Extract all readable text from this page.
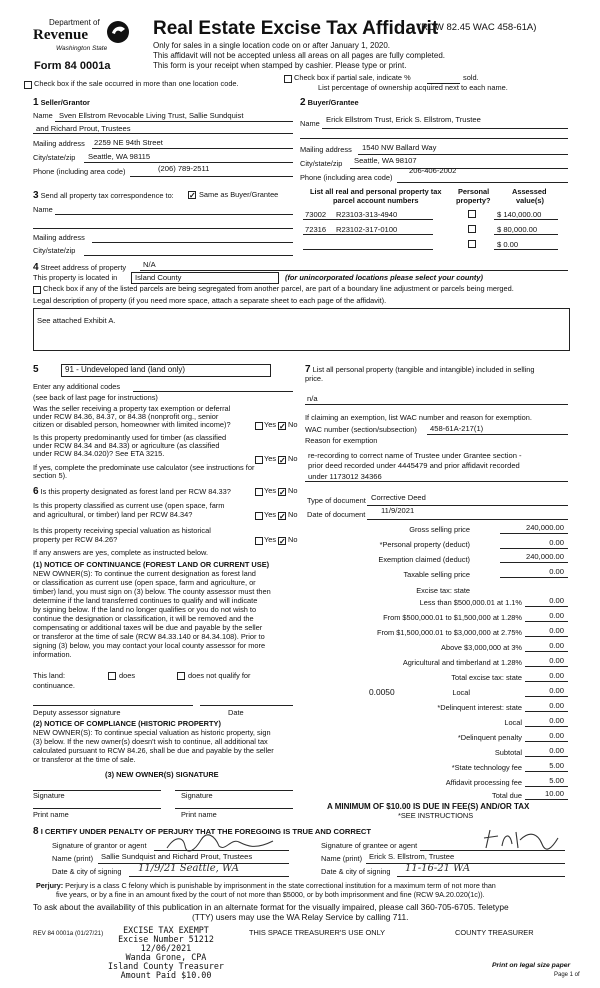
Department of
Revenue
Washington State
Form 84 0001a
Real Estate Excise Tax Affidavit
(RCW 82.45 WAC 458-61A)
Only for sales in a single location code on or after January 1, 2020.
This affidavit will not be accepted unless all areas on all pages are fully completed.
This form is your receipt when stamped by cashier. Please type or print.
Check box if the sale occurred in more than one location code.
Check box if partial sale, indicate %	sold.
List percentage of ownership acquired next to each name.
1 Seller/Grantor
Name Sven Ellstrom Revocable Living Trust, Sallie Sundquist
and Richard Prout, Trustees
Mailing address 2259 NE 94th Street
City/state/zip Seattle, WA 98115
Phone (including area code)	(206) 789-2511
2 Buyer/Grantee
Name Erick Ellstrom Trust, Erick S. Ellstrom, Trustee
Mailing address 1540 NW Ballard Way
City/state/zip Seattle, WA 98107
Phone (including area code)
206-406-2002
3 Send all property tax correspondence to: ✓ Same as Buyer/Grantee
Name
Mailing address
City/state/zip
List all real and personal property tax
parcel account numbers
Personal
property?
Assessed
value(s)
73002 R23103-313-4940	$ 140,000.00
72316 R23102-317-0100	$ 80,000.00
$ 0.00
4 Street address of property N/A
This property is located in Island County	(for unincorporated locations please select your county)
Check box if any of the listed parcels are being segregated from another parcel, are part of a boundary line adjustment or parcels being merged.
Legal description of property (if you need more space, attach a separate sheet to each page of the affidavit).
See attached Exhibit A.
5	91 - Undeveloped land (land only)
Enter any additional codes
(see back of last page for instructions)
Was the seller receiving a property tax exemption or deferral
under RCW 84.36, 84.37, or 84.38 (nonprofit org., senior
citizen or disabled person, homeowner with limited income)?	Yes ✓ No
Is this property predominantly used for timber (as classified
under RCW 84.34 and 84.33) or agriculture (as classified
under RCW 84.34.020)? See ETA 3215.
Yes ✓ No
If yes, complete the predominate use calculator (see instructions for
section 5).
6 Is this property designated as forest land per RCW 84.33?	Yes ✓ No
Is this property classified as current use (open space, farm
and agricultural, or timber) land per RCW 84.34?	Yes ✓ No
Is this property receiving special valuation as historical
property per RCW 84.26?	Yes ✓ No
If any answers are yes, complete as instructed below.
(1) NOTICE OF CONTINUANCE (FOREST LAND OR CURRENT USE)
NEW OWNER(S): To continue the current designation as forest land
or classification as current use (open space, farm and agriculture, or
timber) land, you must sign on (3) below. The county assessor must then
determine if the land transferred continues to qualify and will indicate
by signing below. If the land no longer qualifies or you do not wish to
continue the designation or classification, it will be removed and the
compensating or additional taxes will be due and payable by the seller
or transferor at the time of sale (RCW 84.33.140 or 84.34.108). Prior to
signing (3) below, you may contact your local county assessor for more
information.
This land:	does	does not qualify for
continuance.
Deputy assessor signature	Date
(2) NOTICE OF COMPLIANCE (HISTORIC PROPERTY)
NEW OWNER(S): To continue special valuation as historic property, sign
(3) below. If the new owner(s) doesn't wish to continue, all additional tax
calculated pursuant to RCW 84.26, shall be due and payable by the seller
or transferor at the time of sale.
(3) NEW OWNER(S) SIGNATURE
Signature	Signature
Print name	Print name
7 List all personal property (tangible and intangible) included in selling
price.
n/a
If claiming an exemption, list WAC number and reason for exemption.
WAC number (section/subsection) 458-61A-217(1)
Reason for exemption
re-recording to correct name of Trustee under Grantee section -
prior deed recorded under 4445479 and prior affidavit recorded
under 1173012 34366
Type of document Corrective Deed
Date of document 11/9/2021
Gross selling price	240,000.00
*Personal property (deduct)	0.00
Exemption claimed (deduct)	240,000.00
Taxable selling price	0.00
Excise tax: state
Less than $500,000.01 at 1.1%	0.00
From $500,000.01 to $1,500,000 at 1.28%	0.00
From $1,500,000.01 to $3,000,000 at 2.75%	0.00
Above $3,000,000 at 3%	0.00
Agricultural and timberland at 1.28%	0.00
Total excise tax: state	0.00
0.0050	Local	0.00
*Delinquent interest: state	0.00
Local	0.00
*Delinquent penalty	0.00
Subtotal	0.00
*State technology fee	5.00
Affidavit processing fee	5.00
Total due	10.00
A MINIMUM OF $10.00 IS DUE IN FEE(S) AND/OR TAX
*SEE INSTRUCTIONS
8 I CERTIFY UNDER PENALTY OF PERJURY THAT THE FOREGOING IS TRUE AND CORRECT
Signature of grantor or agent	Signature of grantee or agent
Name (print) Sallie Sundquist and Richard Prout, Trustees	Name (print) Erick S. Ellstrom, Trustee
Date & city of signing 11/9/21 Seattle, WA	Date & city of signing 11-16-21 WA
Perjury: Perjury is a class C felony which is punishable by imprisonment in the state correctional institution for a maximum term of not more than
five years, or by a fine in an amount fixed by the court of not more than $5000, or by both imprisonment and fine (RCW 9A.20.020(1c)).
To ask about the availability of this publication in an alternate format for the visually impaired, please call 360-705-6705. Teletype
(TTY) users may use the WA Relay Service by calling 711.
REV 84 0001a (01/27/21)	EXCISE TAX EXEMPT
Excise Number 51212
12/06/2021
Wanda Grone, CPA
Island County Treasurer
Amount Paid $10.00
THIS SPACE TREASURER'S USE ONLY	COUNTY TREASURER
Print on legal size paper
Page 1 of
